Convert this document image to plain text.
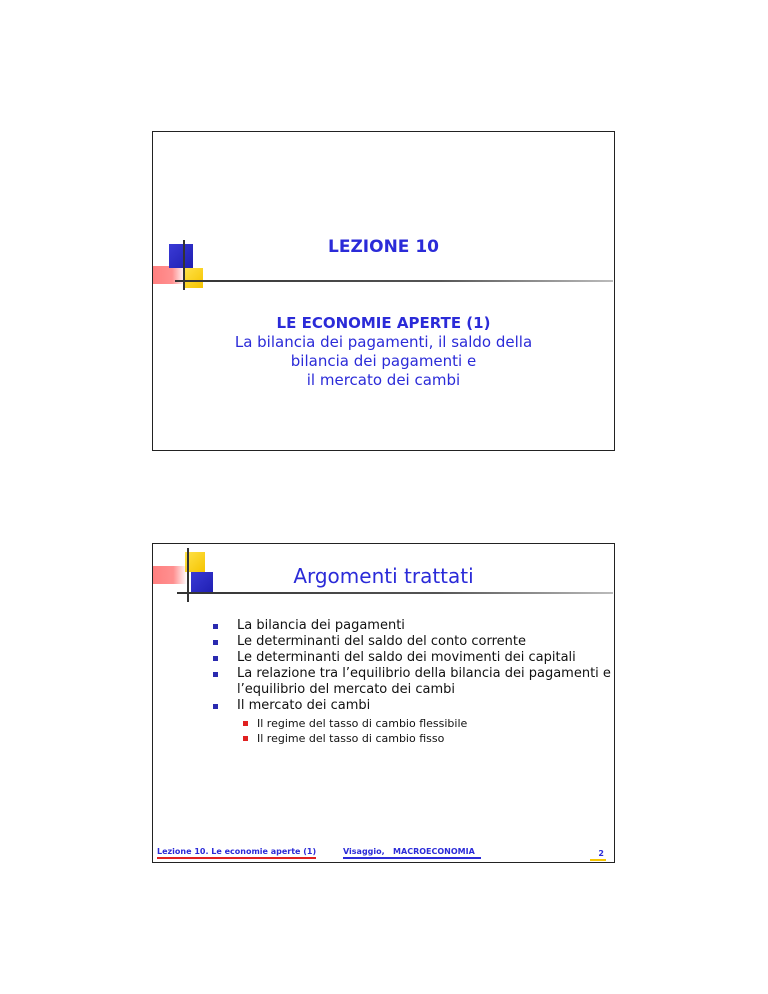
LEZIONE 10
LE ECONOMIE APERTE (1)
La bilancia dei pagamenti, il saldo della
bilancia dei pagamenti e
il mercato dei cambi
Argomenti trattati
La bilancia dei pagamenti
Le determinanti del saldo del conto corrente
Le determinanti del saldo dei movimenti dei capitali
La relazione tra l’equilibrio della bilancia dei pagamenti e l’equilibrio del mercato dei cambi
Il mercato dei cambi
Il regime del tasso di cambio flessibile
Il regime del tasso di cambio fisso
Lezione 10. Le economie aperte (1)	Visaggio, MACROECONOMIA	2
